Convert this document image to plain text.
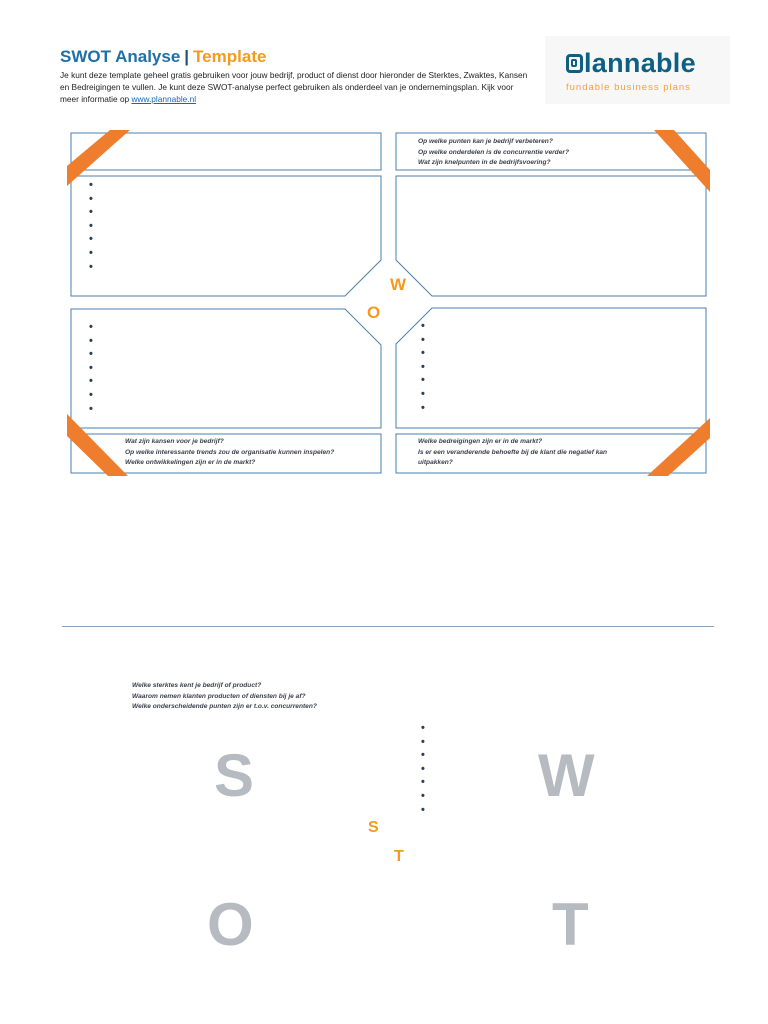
SWOT Analyse | Template
Je kunt deze template geheel gratis gebruiken voor jouw bedrijf, product of dienst door hieronder de Sterktes, Zwaktes, Kansen en Bedreigingen te vullen. Je kunt deze SWOT-analyse perfect gebruiken als onderdeel van je ondernemingsplan. Kijk voor meer informatie op www.plannable.nl
lannable
fundable business plans
Op welke punten kan je bedrijf verbeteren?
Op welke onderdelen is de concurrentie verder?
Wat zijn knelpunten in de bedrijfsvoering?
•
•
•
•
•
•
•
W
O
•
•
•
•
•
•
•
•
•
•
•
•
•
•
Wat zijn kansen voor je bedrijf?
Op welke interessante trends zou de organisatie kunnen inspelen?
Welke ontwikkelingen zijn er in de markt?
Welke bedreigingen zijn er in de markt?
Is er een veranderende behoefte bij de klant die negatief kan
uitpakken?
Welke sterktes kent je bedrijf of product?
Waarom nemen klanten producten of diensten bij je af?
Welke onderscheidende punten zijn er t.o.v. concurrenten?
•
•
•
•
•
•
•
S	W
O	T
S
T
